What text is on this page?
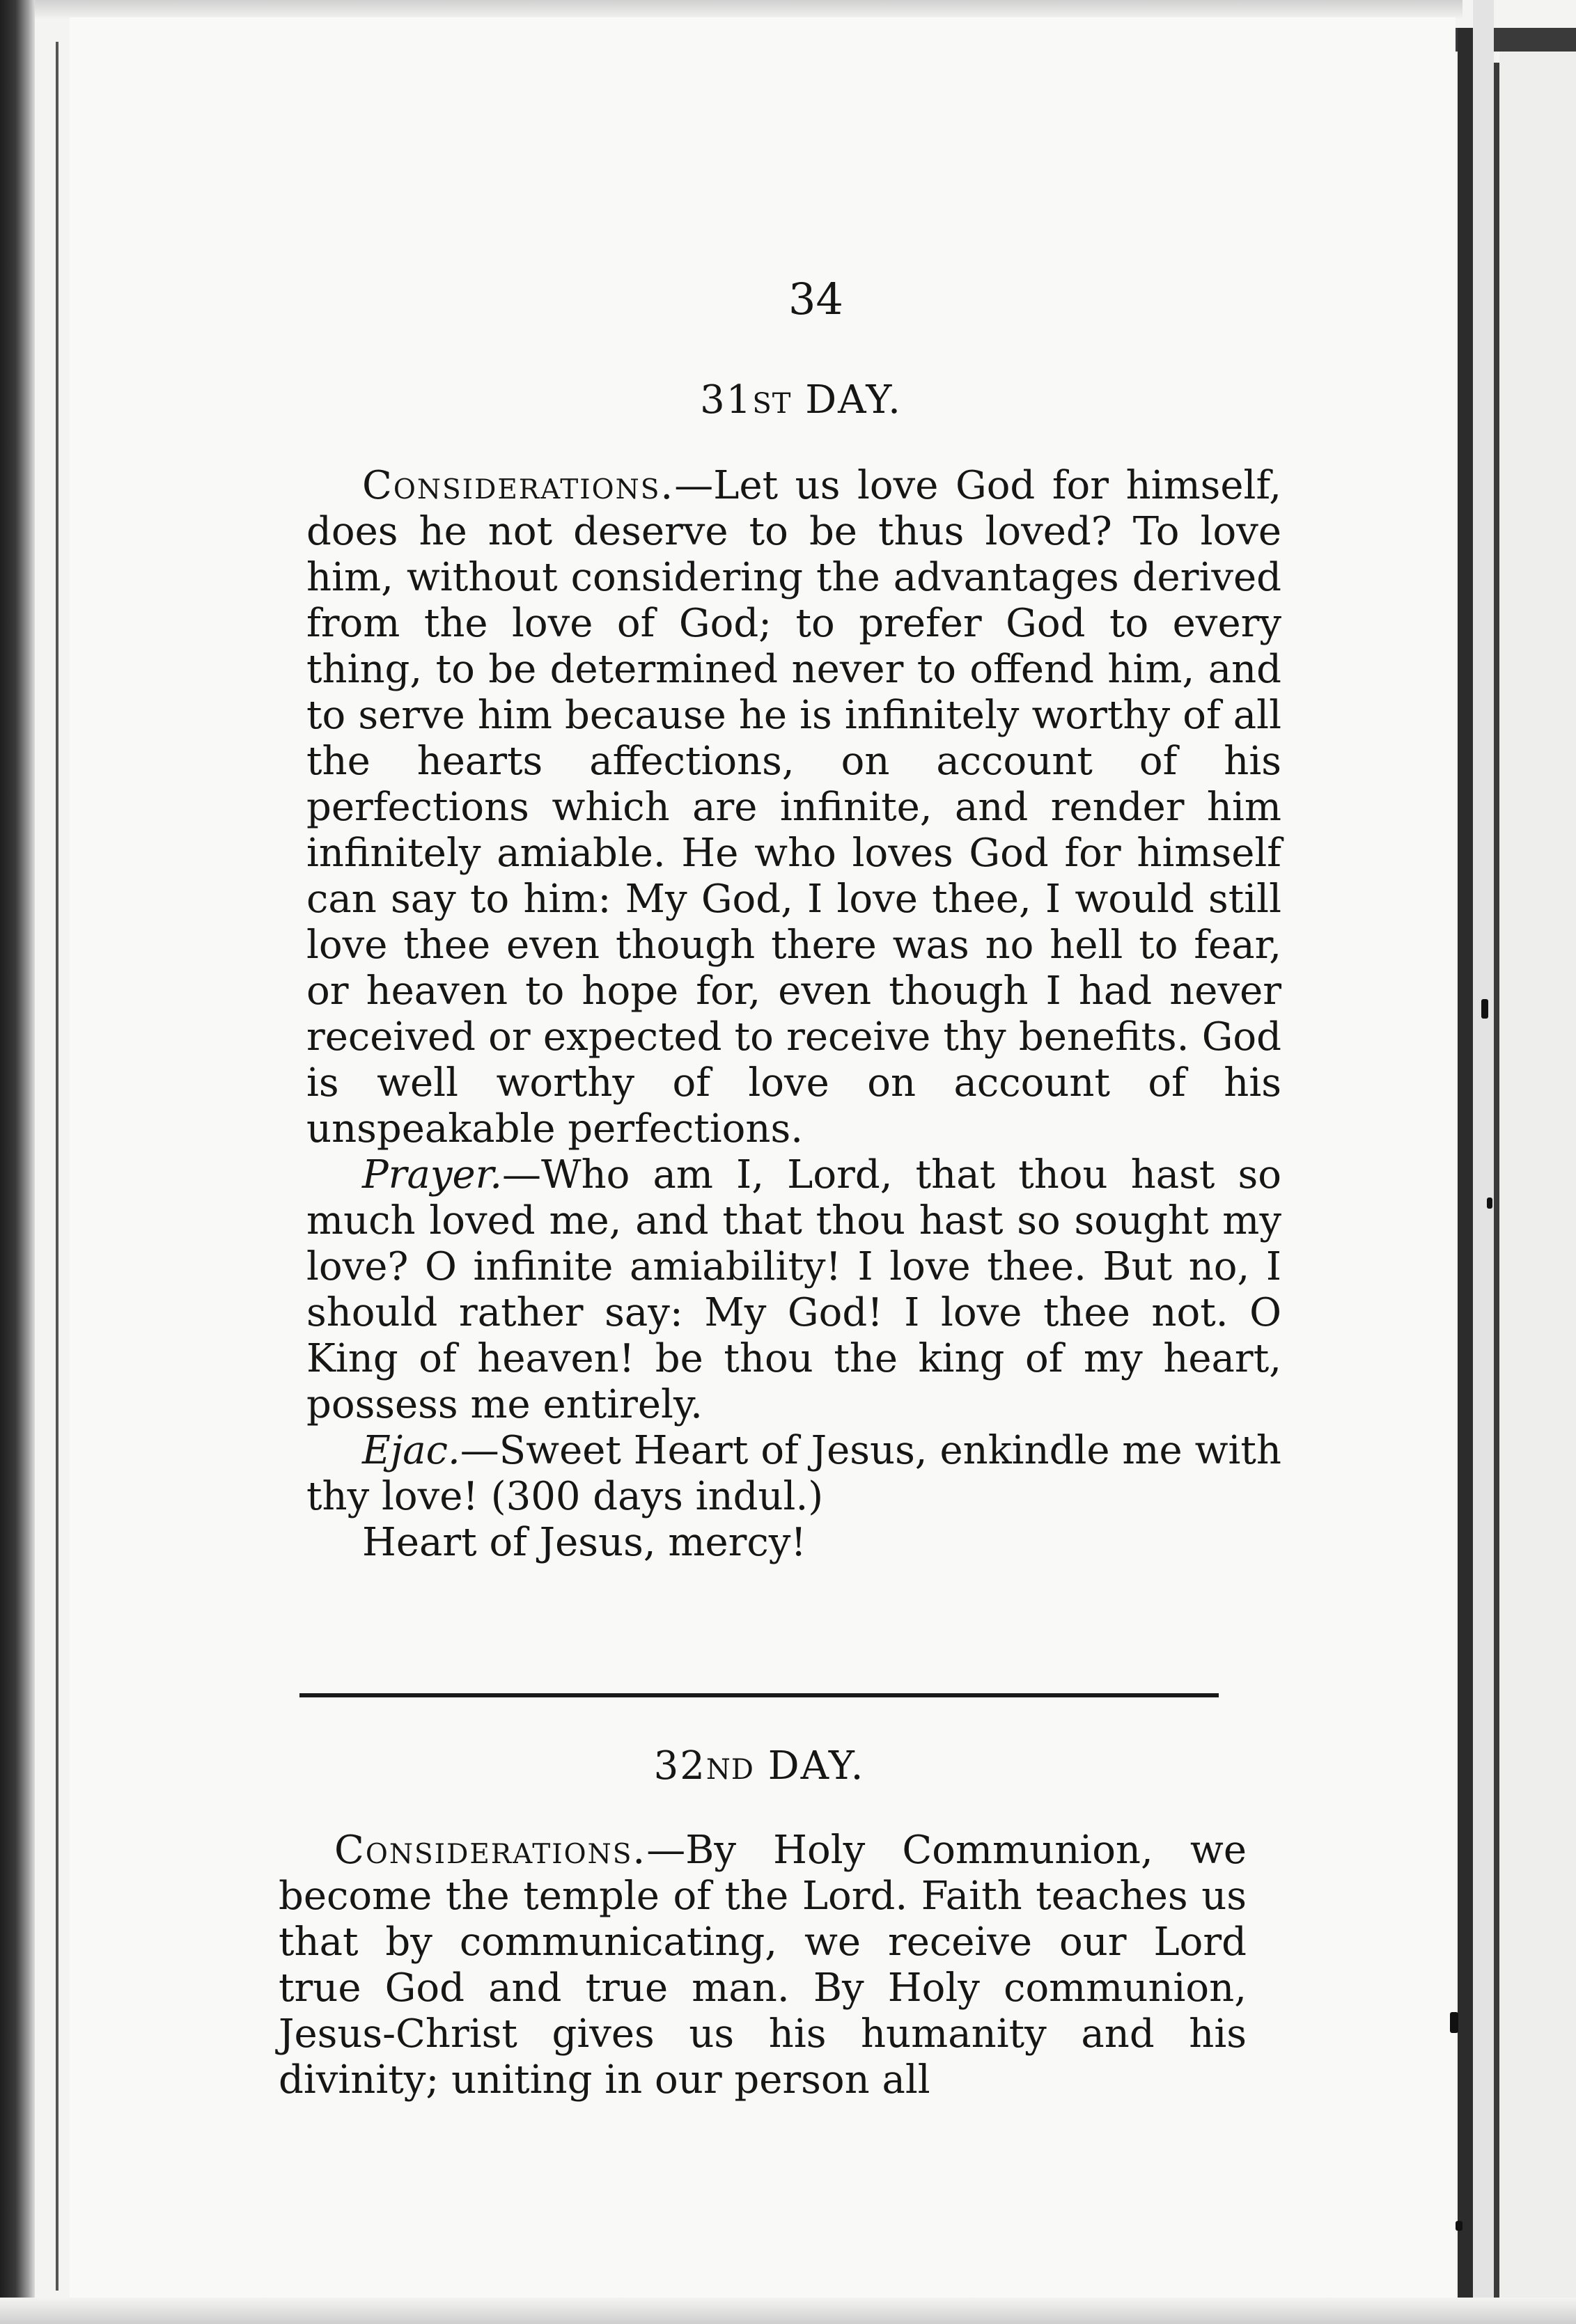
34
31ST DAY.

Considerations.—Let us love God for himself, does he not deserve to be thus loved? To love him, without considering the advantages derived from the love of God; to prefer God to every thing, to be determined never to offend him, and to serve him because he is infinitely worthy of all the hearts affections, on account of his perfections which are infinite, and render him infinitely amiable. He who loves God for himself can say to him: My God, I love thee, I would still love thee even though there was no hell to fear, or heaven to hope for, even though I had never received or expected to receive thy benefits. God is well worthy of love on account of his unspeakable perfections.

Prayer.—Who am I, Lord, that thou hast so much loved me, and that thou hast so sought my love? O infinite amiability! I love thee. But no, I should rather say: My God! I love thee not. O King of heaven! be thou the king of my heart, possess me entirely.

Ejac.—Sweet Heart of Jesus, enkindle me with thy love! (300 days indul.)

Heart of Jesus, mercy!

32ND DAY.

Considerations.—By Holy Communion, we become the temple of the Lord. Faith teaches us that by communicating, we receive our Lord true God and true man. By Holy communion, Jesus-Christ gives us his humanity and his divinity; uniting in our person all
